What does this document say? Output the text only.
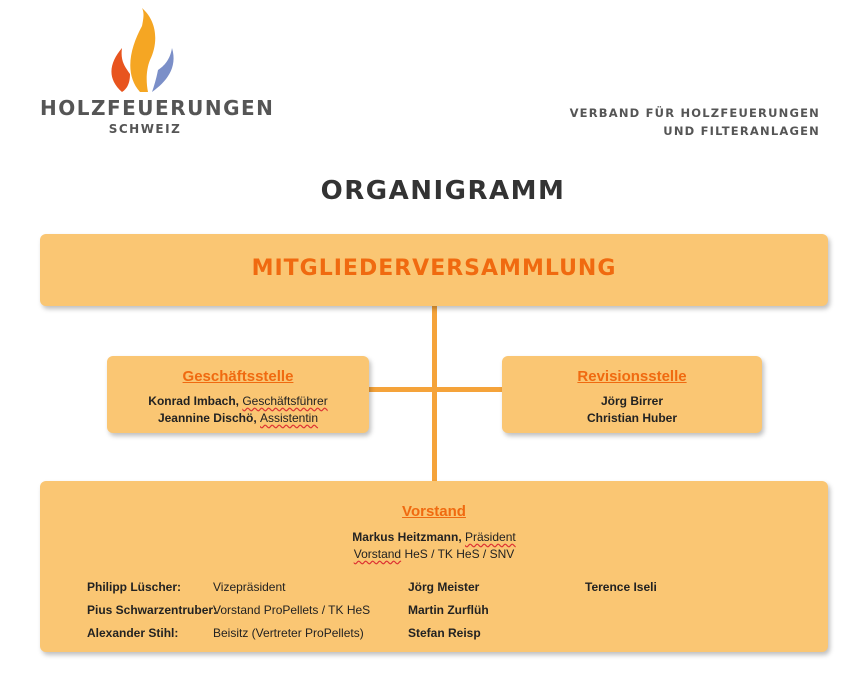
HOLZFEUERUNGEN
SCHWEIZ
VERBAND FÜR HOLZFEUERUNGEN
UND FILTERANLAGEN
ORGANIGRAMM
MITGLIEDERVERSAMMLUNG
Geschäftsstelle
Konrad Imbach, Geschäftsführer
Jeannine Dischö, Assistentin
Revisionsstelle
Jörg Birrer
Christian Huber
Vorstand
Markus Heitzmann, Präsident
Vorstand HeS / TK HeS / SNV
Philipp Lüscher:	Vizepräsident
Pius Schwarzentruber:
Vorstand ProPellets / TK HeS
Alexander Stihl:	Beisitz (Vertreter ProPellets)
Jörg Meister
Martin Zurflüh
Stefan Reisp
Terence Iseli
